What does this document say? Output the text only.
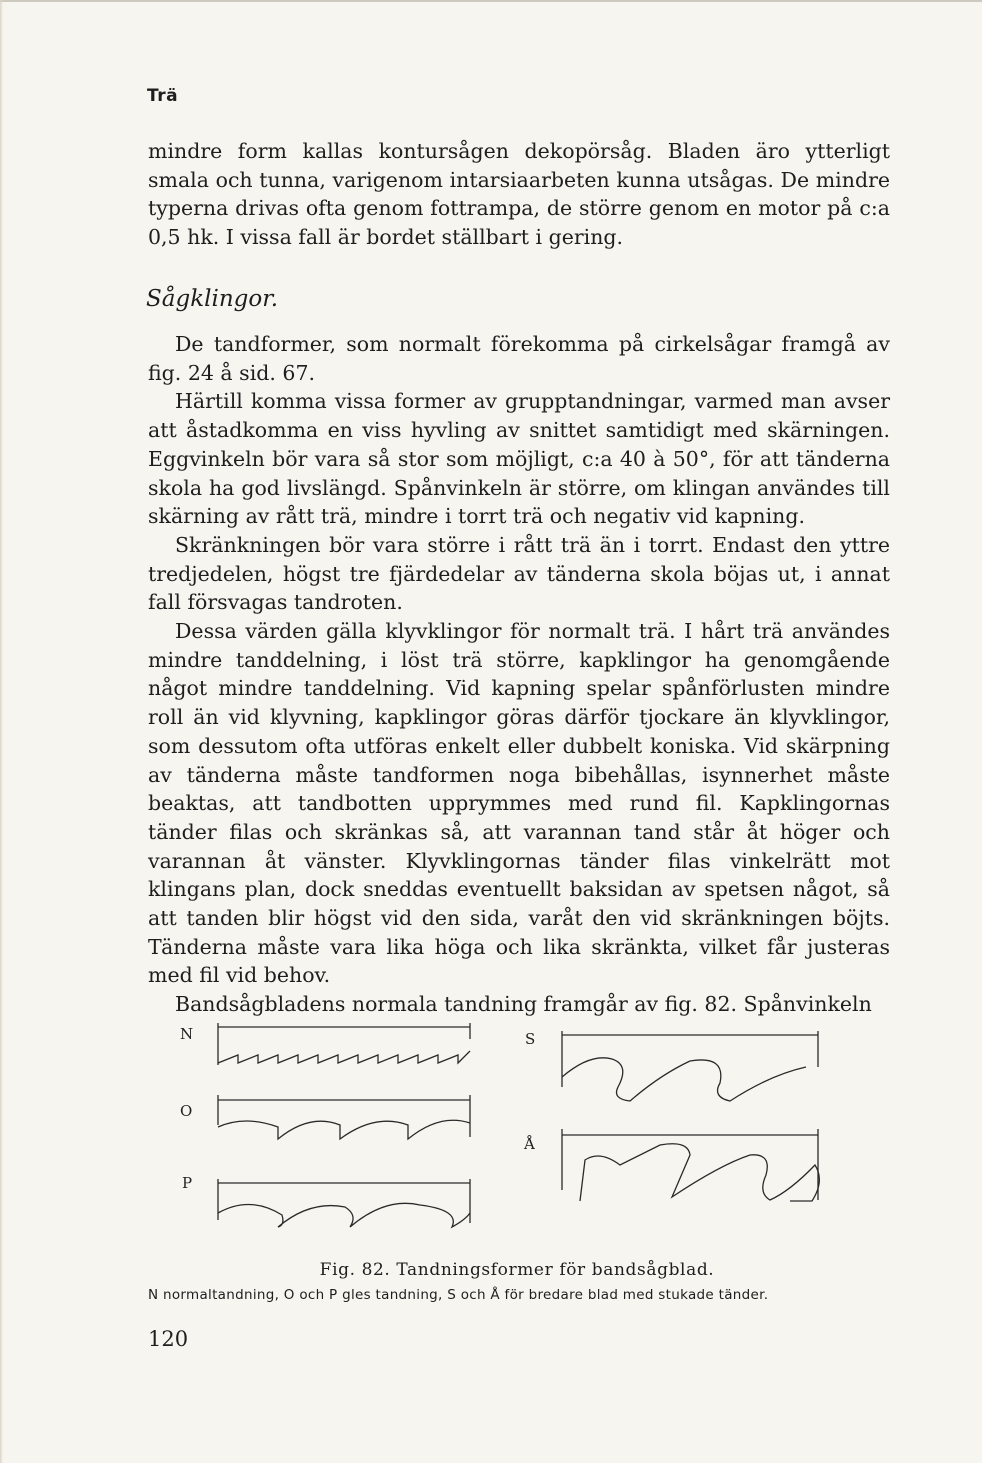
Trä

mindre form kallas kontursågen dekopörsåg. Bladen äro ytterligt smala och tunna, varigenom intarsiaarbeten kunna utsågas. De mindre typerna drivas ofta genom fottrampa, de större genom en motor på c:a 0,5 hk. I vissa fall är bordet ställbart i gering.

Sågklingor.

De tandformer, som normalt förekomma på cirkelsågar framgå av fig. 24 å sid. 67.

Härtill komma vissa former av grupptandningar, varmed man avser att åstadkomma en viss hyvling av snittet samtidigt med skärningen. Eggvinkeln bör vara så stor som möjligt, c:a 40 à 50°, för att tänderna skola ha god livslängd. Spånvinkeln är större, om klingan användes till skärning av rått trä, mindre i torrt trä och negativ vid kapning.

Skränkningen bör vara större i rått trä än i torrt. Endast den yttre tredjedelen, högst tre fjärdedelar av tänderna skola böjas ut, i annat fall försvagas tandroten.

Dessa värden gälla klyvklingor för normalt trä. I hårt trä användes mindre tanddelning, i löst trä större, kapklingor ha genomgående något mindre tanddelning. Vid kapning spelar spånförlusten mindre roll än vid klyvning, kapklingor göras därför tjockare än klyvklingor, som dessutom ofta utföras enkelt eller dubbelt koniska. Vid skärpning av tänderna måste tandformen noga bibehållas, isynnerhet måste beaktas, att tandbotten upprymmes med rund fil. Kapklingornas tänder filas och skränkas så, att varannan tand står åt höger och varannan åt vänster. Klyvklingornas tänder filas vinkelrätt mot klingans plan, dock sneddas eventuellt baksidan av spetsen något, så att tanden blir högst vid den sida, varåt den vid skränkningen böjts. Tänderna måste vara lika höga och lika skränkta, vilket får justeras med fil vid behov.

Bandsågbladens normala tandning framgår av fig. 82. Spånvinkeln

N
O
P
S
Å
Fig. 82. Tandningsformer för bandsågblad.
N normaltandning, O och P gles tandning, S och Å för bredare blad med stukade tänder.
120
